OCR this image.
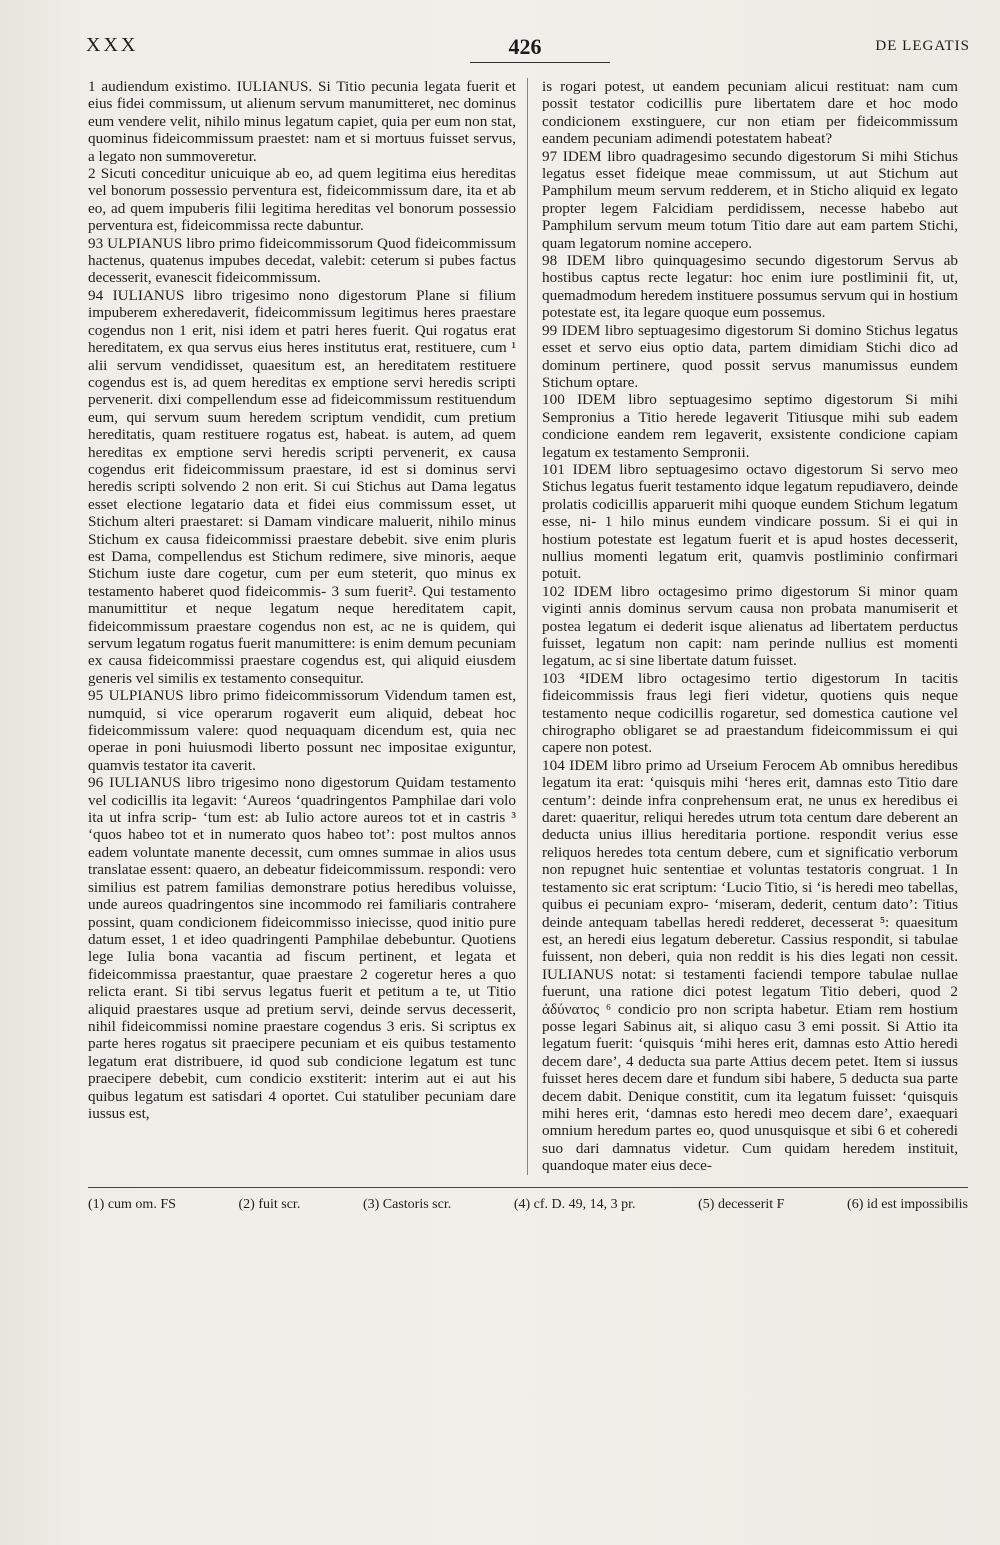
XXX	426	DE LEGATIS

1 audiendum existimo. IULIANUS. Si Titio pecunia legata fuerit et eius fidei commissum, ut alienum servum manumitteret, nec dominus eum vendere velit, nihilo minus legatum capiet, quia per eum non stat, quominus fideicommissum praestet: nam et si mortuus fuisset servus, a legato non summoveretur.

2 Sicuti conceditur unicuique ab eo, ad quem legitima eius hereditas vel bonorum possessio perventura est, fideicommissum dare, ita et ab eo, ad quem impuberis filii legitima hereditas vel bonorum possessio perventura est, fideicommissa recte dabuntur.

93 ULPIANUS libro primo fideicommissorum Quod fideicommissum hactenus, quatenus impubes decedat, valebit: ceterum si pubes factus decesserit, evanescit fideicommissum.

94 IULIANUS libro trigesimo nono digestorum Plane si filium impuberem exheredaverit, fideicommissum legitimus heres praestare cogendus non 1 erit, nisi idem et patri heres fuerit. Qui rogatus erat hereditatem, ex qua servus eius heres institutus erat, restituere, cum ¹ alii servum vendidisset, quaesitum est, an hereditatem restituere cogendus est is, ad quem hereditas ex emptione servi heredis scripti pervenerit. dixi compellendum esse ad fideicommissum restituendum eum, qui servum suum heredem scriptum vendidit, cum pretium hereditatis, quam restituere rogatus est, habeat. is autem, ad quem hereditas ex emptione servi heredis scripti pervenerit, ex causa cogendus erit fideicommissum praestare, id est si dominus servi heredis scripti solvendo 2 non erit. Si cui Stichus aut Dama legatus esset electione legatario data et fidei eius commissum esset, ut Stichum alteri praestaret: si Damam vindicare maluerit, nihilo minus Stichum ex causa fideicommissi praestare debebit. sive enim pluris est Dama, compellendus est Stichum redimere, sive minoris, aeque Stichum iuste dare cogetur, cum per eum steterit, quo minus ex testamento haberet quod fideicommis- 3 sum fuerit². Qui testamento manumittitur et neque legatum neque hereditatem capit, fideicommissum praestare cogendus non est, ac ne is quidem, qui servum legatum rogatus fuerit manumittere: is enim demum pecuniam ex causa fideicommissi praestare cogendus est, qui aliquid eiusdem generis vel similis ex testamento consequitur.

95 ULPIANUS libro primo fideicommissorum Videndum tamen est, numquid, si vice operarum rogaverit eum aliquid, debeat hoc fideicommissum valere: quod nequaquam dicendum est, quia nec operae in poni huiusmodi liberto possunt nec impositae exiguntur, quamvis testator ita caverit.

96 IULIANUS libro trigesimo nono digestorum Quidam testamento vel codicillis ita legavit: ‘Aureos ‘quadringentos Pamphilae dari volo ita ut infra scrip- ‘tum est: ab Iulio actore aureos tot et in castris ³ ‘quos habeo tot et in numerato quos habeo tot’: post multos annos eadem voluntate manente decessit, cum omnes summae in alios usus translatae essent: quaero, an debeatur fideicommissum. respondi: vero similius est patrem familias demonstrare potius heredibus voluisse, unde aureos quadringentos sine incommodo rei familiaris contrahere possint, quam condicionem fideicommisso iniecisse, quod initio pure datum esset, 1 et ideo quadringenti Pamphilae debebuntur. Quotiens lege Iulia bona vacantia ad fiscum pertinent, et legata et fideicommissa praestantur, quae praestare 2 cogeretur heres a quo relicta erant. Si tibi servus legatus fuerit et petitum a te, ut Titio aliquid praestares usque ad pretium servi, deinde servus decesserit, nihil fideicommissi nomine praestare cogendus 3 eris. Si scriptus ex parte heres rogatus sit praecipere pecuniam et eis quibus testamento legatum erat distribuere, id quod sub condicione legatum est tunc praecipere debebit, cum condicio exstiterit: interim aut ei aut his quibus legatum est satisdari 4 oportet. Cui statuliber pecuniam dare iussus est,

is rogari potest, ut eandem pecuniam alicui restituat: nam cum possit testator codicillis pure libertatem dare et hoc modo condicionem exstinguere, cur non etiam per fideicommissum eandem pecuniam adimendi potestatem habeat?

97 IDEM libro quadragesimo secundo digestorum Si mihi Stichus legatus esset fideique meae commissum, ut aut Stichum aut Pamphilum meum servum redderem, et in Sticho aliquid ex legato propter legem Falcidiam perdidissem, necesse habebo aut Pamphilum servum meum totum Titio dare aut eam partem Stichi, quam legatorum nomine accepero.

98 IDEM libro quinquagesimo secundo digestorum Servus ab hostibus captus recte legatur: hoc enim iure postliminii fit, ut, quemadmodum heredem instituere possumus servum qui in hostium potestate est, ita legare quoque eum possemus.

99 IDEM libro septuagesimo digestorum Si domino Stichus legatus esset et servo eius optio data, partem dimidiam Stichi dico ad dominum pertinere, quod possit servus manumissus eundem Stichum optare.

100 IDEM libro septuagesimo septimo digestorum Si mihi Sempronius a Titio herede legaverit Titiusque mihi sub eadem condicione eandem rem legaverit, exsistente condicione capiam legatum ex testamento Sempronii.

101 IDEM libro septuagesimo octavo digestorum Si servo meo Stichus legatus fuerit testamento idque legatum repudiavero, deinde prolatis codicillis apparuerit mihi quoque eundem Stichum legatum esse, ni- 1 hilo minus eundem vindicare possum. Si ei qui in hostium potestate est legatum fuerit et is apud hostes decesserit, nullius momenti legatum erit, quamvis postliminio confirmari potuit.

102 IDEM libro octagesimo primo digestorum Si minor quam viginti annis dominus servum causa non probata manumiserit et postea legatum ei dederit isque alienatus ad libertatem perductus fuisset, legatum non capit: nam perinde nullius est momenti legatum, ac si sine libertate datum fuisset.

103 ⁴IDEM libro octagesimo tertio digestorum In tacitis fideicommissis fraus legi fieri videtur, quotiens quis neque testamento neque codicillis rogaretur, sed domestica cautione vel chirographo obligaret se ad praestandum fideicommissum ei qui capere non potest.

104 IDEM libro primo ad Urseium Ferocem Ab omnibus heredibus legatum ita erat: ‘quisquis mihi ‘heres erit, damnas esto Titio dare centum’: deinde infra conprehensum erat, ne unus ex heredibus ei daret: quaeritur, reliqui heredes utrum tota centum dare deberent an deducta unius illius hereditaria portione. respondit verius esse reliquos heredes tota centum debere, cum et significatio verborum non repugnet huic sententiae et voluntas testatoris congruat. 1 In testamento sic erat scriptum: ‘Lucio Titio, si ‘is heredi meo tabellas, quibus ei pecuniam expro- ‘miseram, dederit, centum dato’: Titius deinde antequam tabellas heredi redderet, decesserat ⁵: quaesitum est, an heredi eius legatum deberetur. Cassius respondit, si tabulae fuissent, non deberi, quia non reddit is his dies legati non cessit. IULIANUS notat: si testamenti faciendi tempore tabulae nullae fuerunt, una ratione dici potest legatum Titio deberi, quod 2 ἀδύνατος ⁶ condicio pro non scripta habetur. Etiam rem hostium posse legari Sabinus ait, si aliquo casu 3 emi possit. Si Attio ita legatum fuerit: ‘quisquis ‘mihi heres erit, damnas esto Attio heredi decem dare’, 4 deducta sua parte Attius decem petet. Item si iussus fuisset heres decem dare et fundum sibi habere, 5 deducta sua parte decem dabit. Denique constitit, cum ita legatum fuisset: ‘quisquis mihi heres erit, ‘damnas esto heredi meo decem dare’, exaequari omnium heredum partes eo, quod unusquisque et sibi 6 et coheredi suo dari damnatus videtur. Cum quidam heredem instituit, quandoque mater eius dece-

(1) cum om. FS	(2) fuit scr.	(3) Castoris scr.	(4) cf. D. 49, 14, 3 pr.	(5) decesserit F	(6) id est impossibilis
